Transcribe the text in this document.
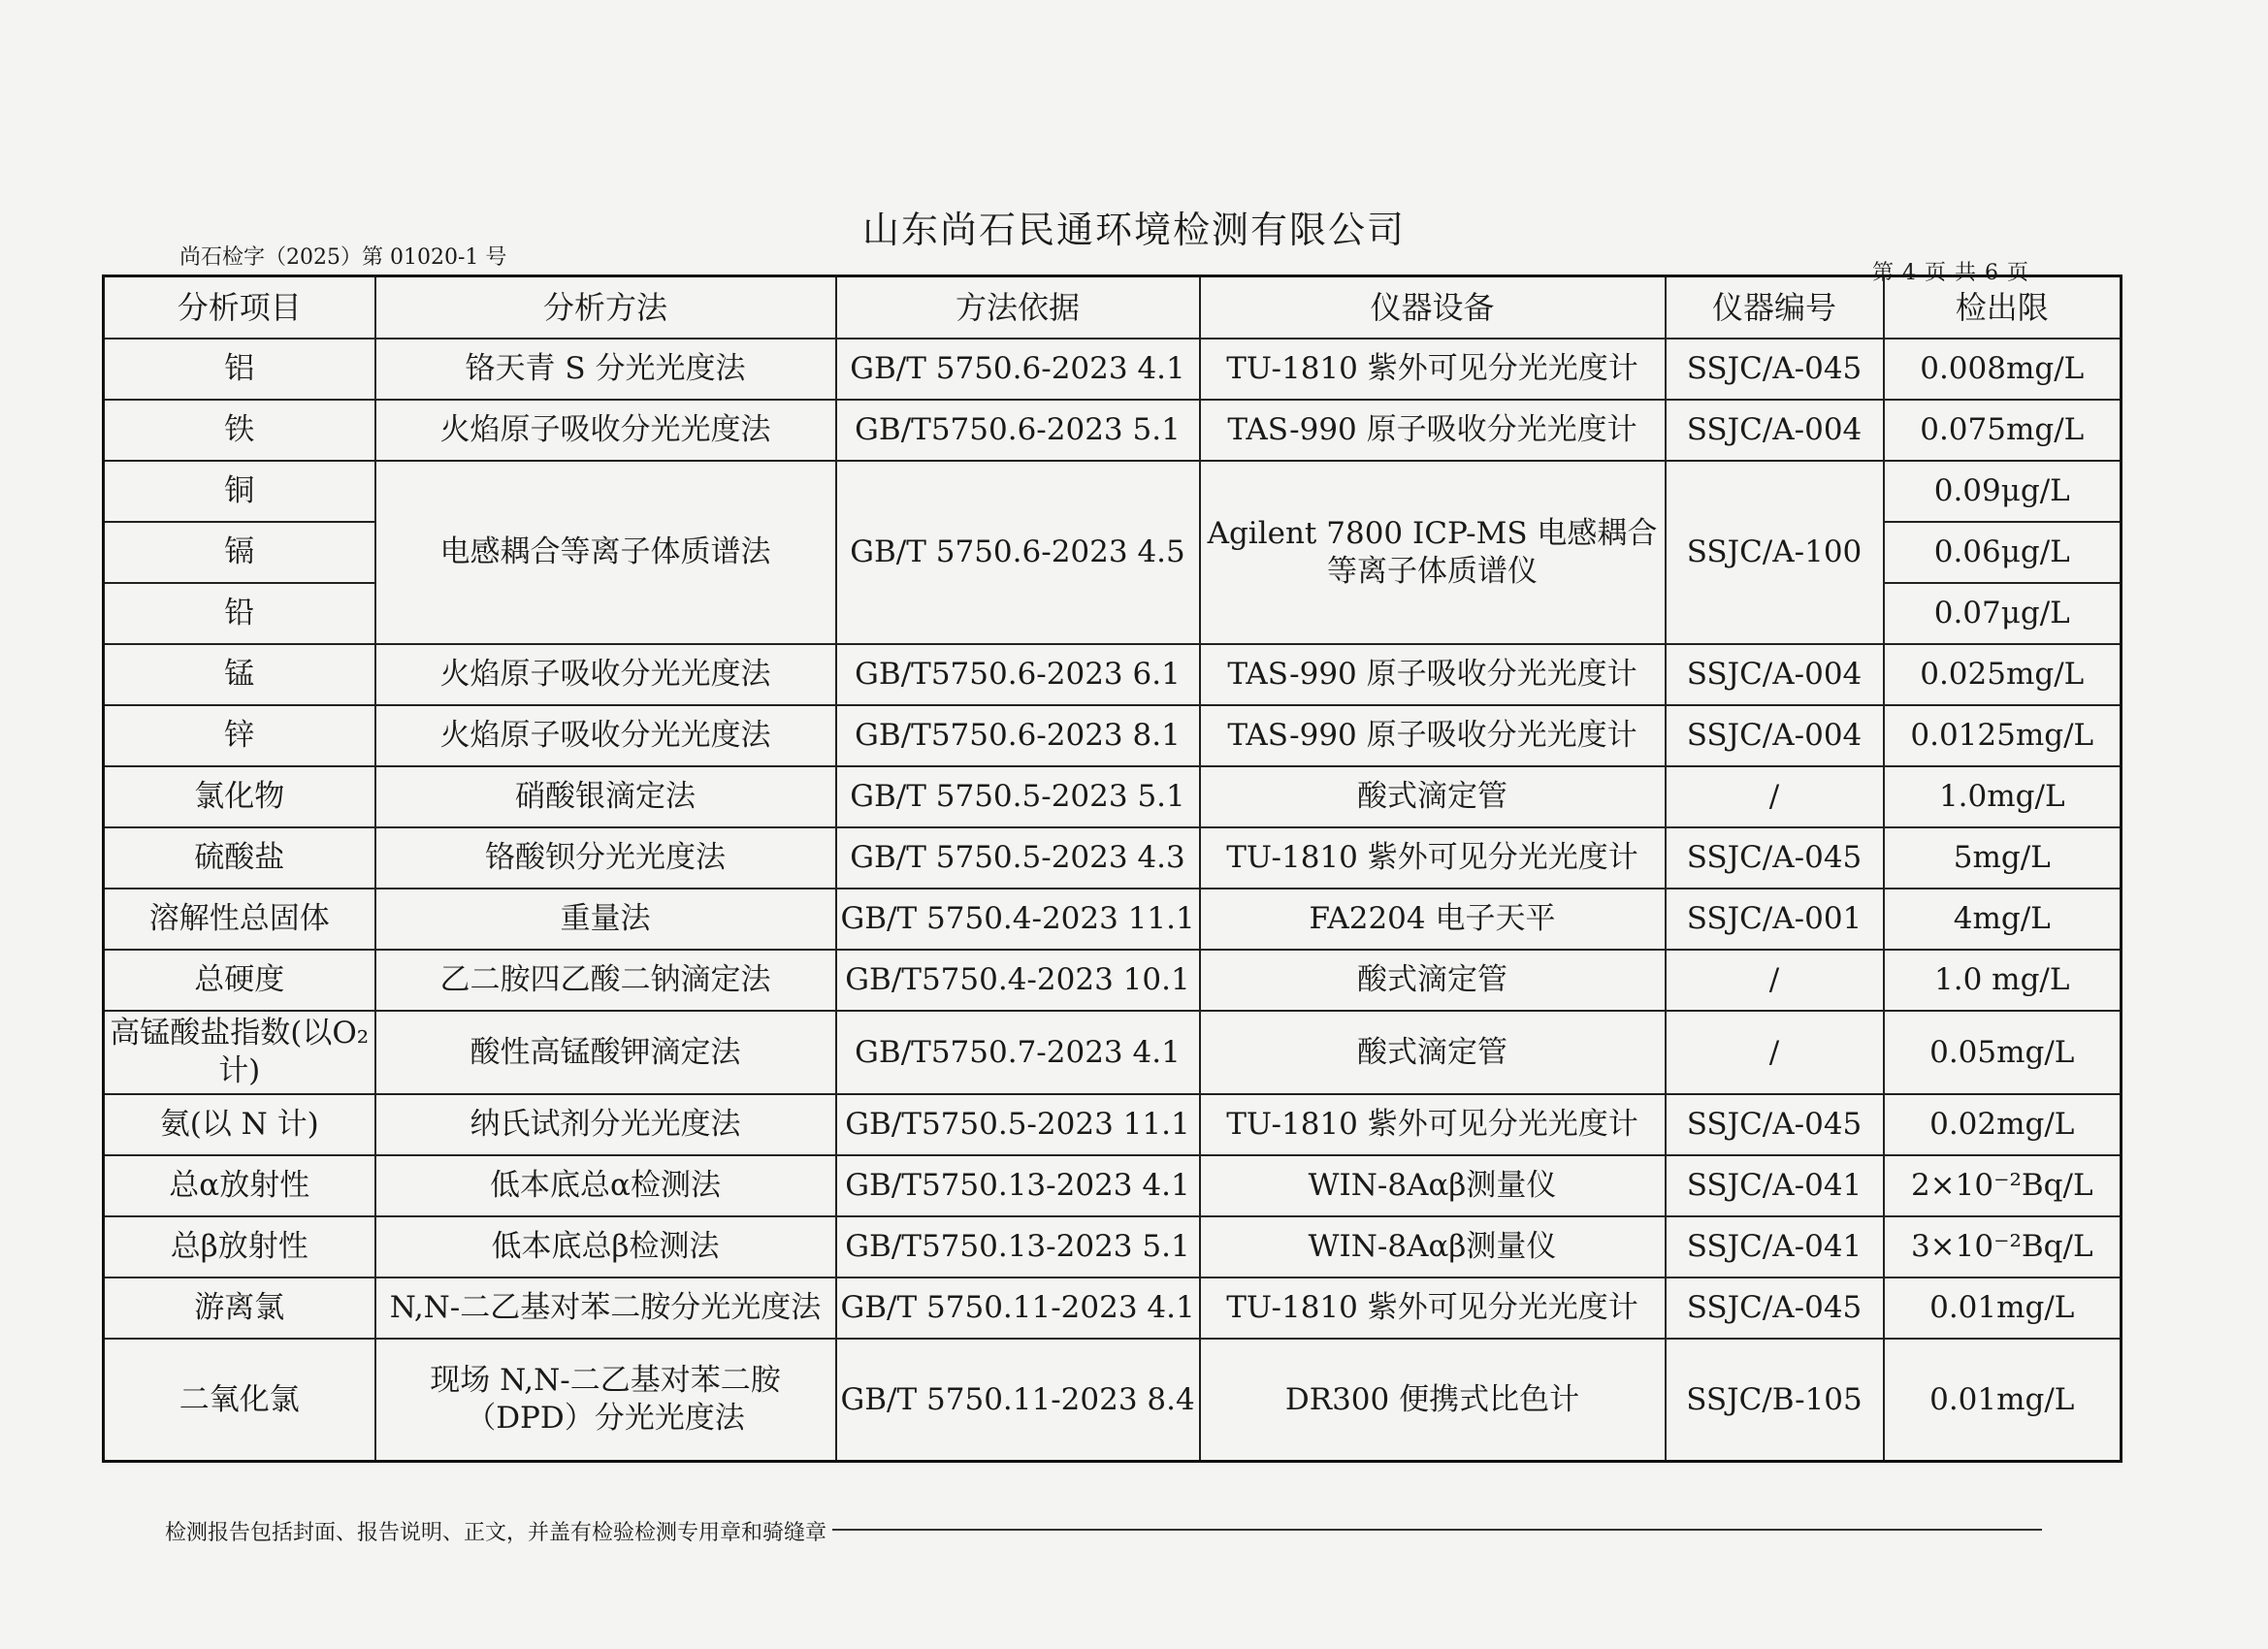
山东尚石民通环境检测有限公司
尚石检字（2025）第 01020-1 号
第 4 页 共 6 页
分析项目	分析方法	方法依据	仪器设备	仪器编号	检出限
铝	铬天青 S 分光光度法	GB/T 5750.6-2023 4.1	TU-1810 紫外可见分光光度计	SSJC/A-045	0.008mg/L
铁	火焰原子吸收分光光度法	GB/T5750.6-2023 5.1	TAS-990 原子吸收分光光度计	SSJC/A-004	0.075mg/L
铜	电感耦合等离子体质谱法	GB/T 5750.6-2023 4.5	Agilent 7800 ICP-MS 电感耦合等离子体质谱仪	SSJC/A-100	0.09μg/L
镉					0.06μg/L
铅					0.07μg/L
锰	火焰原子吸收分光光度法	GB/T5750.6-2023 6.1	TAS-990 原子吸收分光光度计	SSJC/A-004	0.025mg/L
锌	火焰原子吸收分光光度法	GB/T5750.6-2023 8.1	TAS-990 原子吸收分光光度计	SSJC/A-004	0.0125mg/L
氯化物	硝酸银滴定法	GB/T 5750.5-2023 5.1	酸式滴定管	/	1.0mg/L
硫酸盐	铬酸钡分光光度法	GB/T 5750.5-2023 4.3	TU-1810 紫外可见分光光度计	SSJC/A-045	5mg/L
溶解性总固体	重量法	GB/T 5750.4-2023 11.1	FA2204 电子天平	SSJC/A-001	4mg/L
总硬度	乙二胺四乙酸二钠滴定法	GB/T5750.4-2023 10.1	酸式滴定管	/	1.0 mg/L
高锰酸盐指数(以O₂计)	酸性高锰酸钾滴定法	GB/T5750.7-2023 4.1	酸式滴定管	/	0.05mg/L
氨(以 N 计)	纳氏试剂分光光度法	GB/T5750.5-2023 11.1	TU-1810 紫外可见分光光度计	SSJC/A-045	0.02mg/L
总α放射性	低本底总α检测法	GB/T5750.13-2023 4.1	WIN-8Aαβ测量仪	SSJC/A-041	2×10⁻²Bq/L
总β放射性	低本底总β检测法	GB/T5750.13-2023 5.1	WIN-8Aαβ测量仪	SSJC/A-041	3×10⁻²Bq/L
游离氯	N,N-二乙基对苯二胺分光光度法	GB/T 5750.11-2023 4.1	TU-1810 紫外可见分光光度计	SSJC/A-045	0.01mg/L
二氧化氯	现场 N,N-二乙基对苯二胺（DPD）分光光度法	GB/T 5750.11-2023 8.4	DR300 便携式比色计	SSJC/B-105	0.01mg/L
检测报告包括封面、报告说明、正文，并盖有检验检测专用章和骑缝章
